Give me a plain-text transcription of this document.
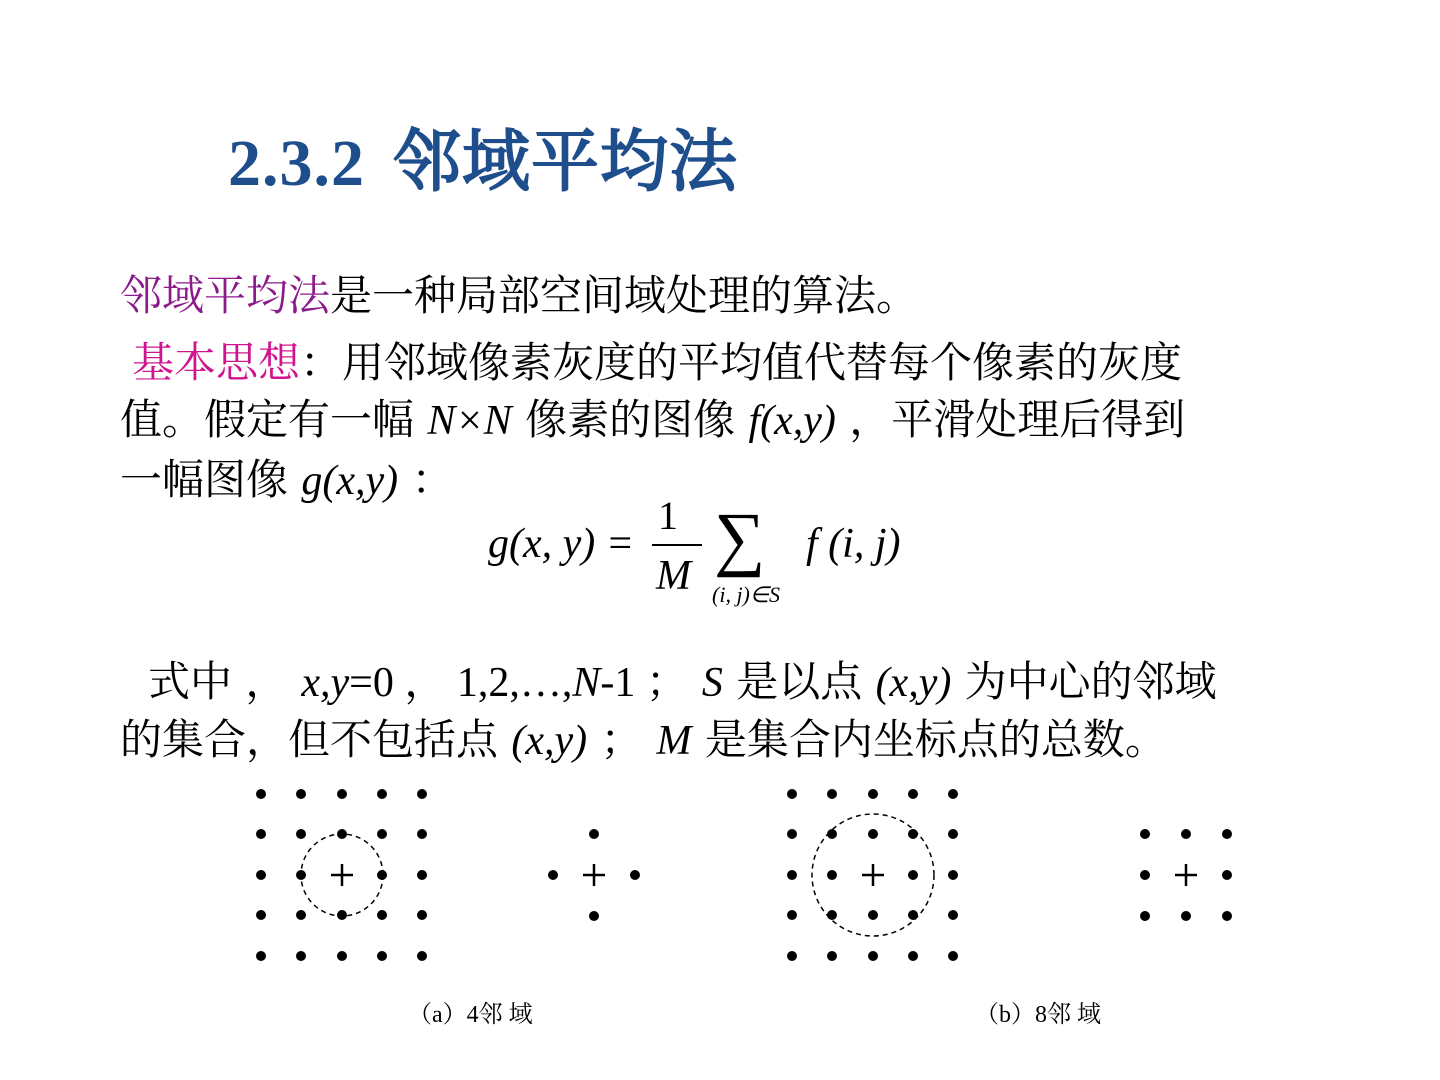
2.3.2 邻域平均法
邻域平均法是一种局部空间域处理的算法。
基本思想：用邻域像素灰度的平均值代替每个像素的灰度
值。假定有一幅 N×N 像素的图像 f(x,y) ，平滑处理后得到
一幅图像 g(x,y) ：
g(x, y) =
1
M ∑
(i, j)∈S
f (i, j)
式中 ， x,y=0 ， 1,2,…,N-1 ； S 是以点 (x,y) 为中心的邻域
的集合，但不包括点 (x,y) ； M 是集合内坐标点的总数。
（a）4邻 域	（b）8邻 域
